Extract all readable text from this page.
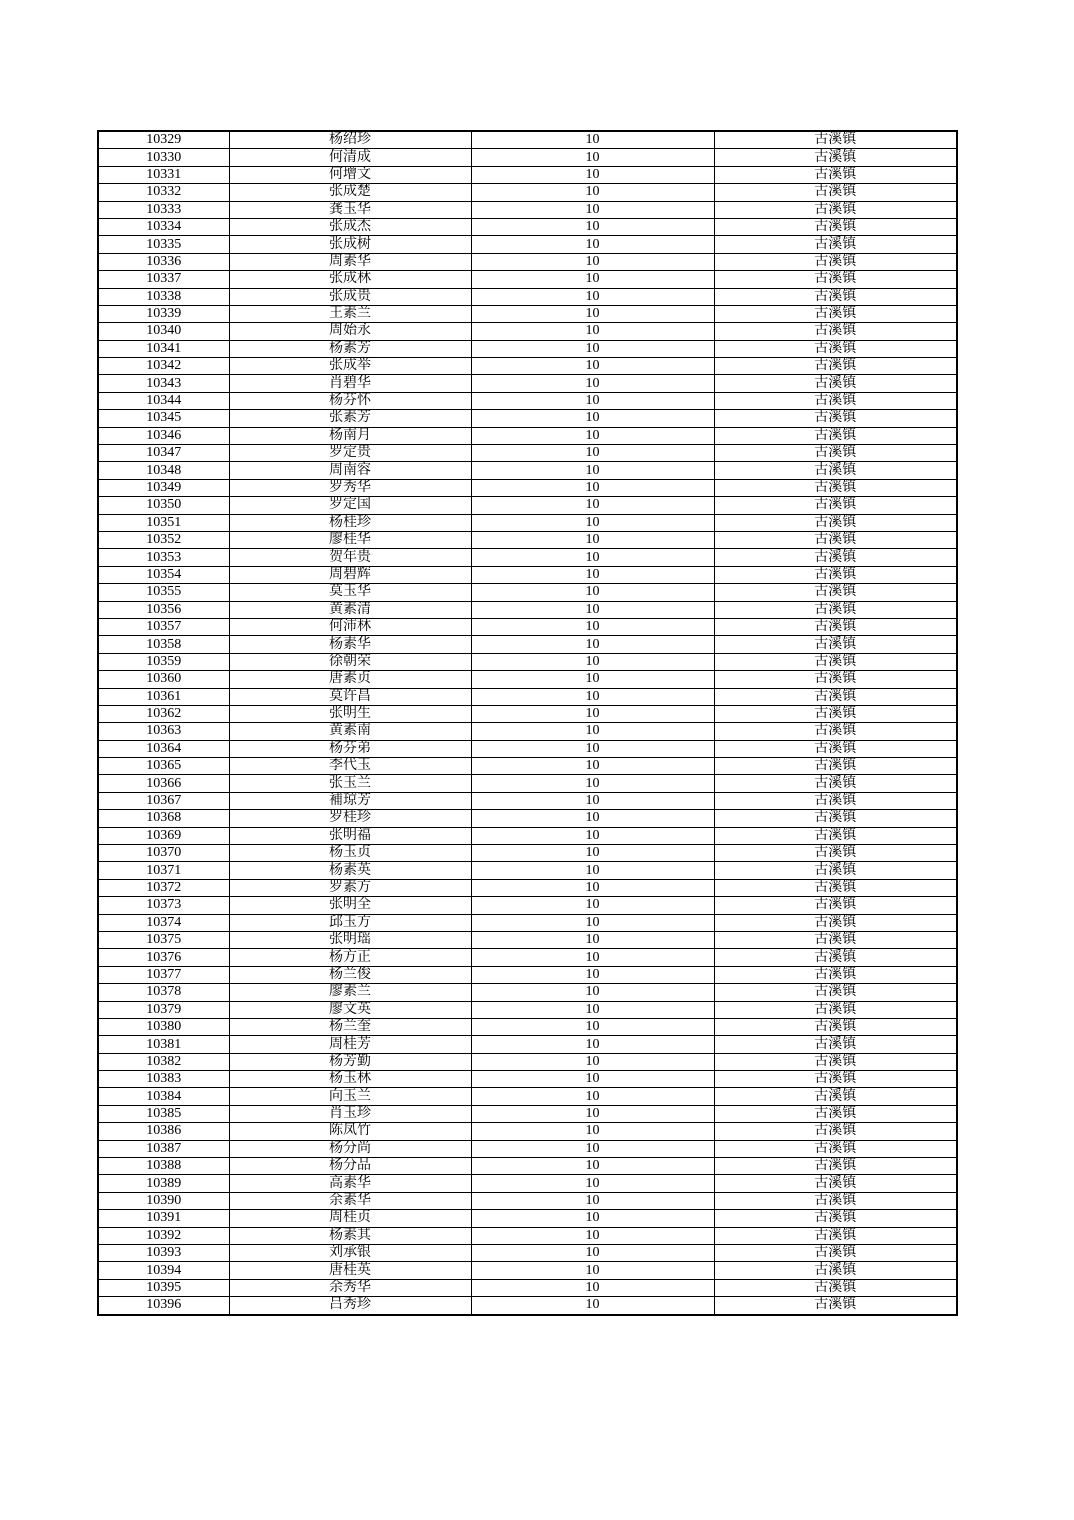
10329	杨绍珍	10	古溪镇
10330	何清成	10	古溪镇
10331	何增文	10	古溪镇
10332	张成楚	10	古溪镇
10333	龚玉华	10	古溪镇
10334	张成杰	10	古溪镇
10335	张成树	10	古溪镇
10336	周素华	10	古溪镇
10337	张成林	10	古溪镇
10338	张成贵	10	古溪镇
10339	王素兰	10	古溪镇
10340	周始永	10	古溪镇
10341	杨素芳	10	古溪镇
10342	张成举	10	古溪镇
10343	肖碧华	10	古溪镇
10344	杨芬怀	10	古溪镇
10345	张素芳	10	古溪镇
10346	杨南月	10	古溪镇
10347	罗定贵	10	古溪镇
10348	周南容	10	古溪镇
10349	罗秀华	10	古溪镇
10350	罗定国	10	古溪镇
10351	杨桂珍	10	古溪镇
10352	廖桂华	10	古溪镇
10353	贺年贵	10	古溪镇
10354	周碧辉	10	古溪镇
10355	莫玉华	10	古溪镇
10356	黄素清	10	古溪镇
10357	何沛林	10	古溪镇
10358	杨素华	10	古溪镇
10359	徐朝荣	10	古溪镇
10360	唐素贞	10	古溪镇
10361	莫许昌	10	古溪镇
10362	张明生	10	古溪镇
10363	黄素南	10	古溪镇
10364	杨芬弟	10	古溪镇
10365	李代玉	10	古溪镇
10366	张玉兰	10	古溪镇
10367	補琼芳	10	古溪镇
10368	罗桂珍	10	古溪镇
10369	张明福	10	古溪镇
10370	杨玉贞	10	古溪镇
10371	杨素英	10	古溪镇
10372	罗素方	10	古溪镇
10373	张明全	10	古溪镇
10374	邱玉方	10	古溪镇
10375	张明瑶	10	古溪镇
10376	杨方正	10	古溪镇
10377	杨兰俊	10	古溪镇
10378	廖素兰	10	古溪镇
10379	廖文英	10	古溪镇
10380	杨兰奎	10	古溪镇
10381	周桂芳	10	古溪镇
10382	杨芳勤	10	古溪镇
10383	杨玉林	10	古溪镇
10384	向玉兰	10	古溪镇
10385	肖玉珍	10	古溪镇
10386	陈凤竹	10	古溪镇
10387	杨分尚	10	古溪镇
10388	杨分品	10	古溪镇
10389	高素华	10	古溪镇
10390	余素华	10	古溪镇
10391	周桂贞	10	古溪镇
10392	杨素其	10	古溪镇
10393	刘承银	10	古溪镇
10394	唐桂英	10	古溪镇
10395	余秀华	10	古溪镇
10396	吕秀珍	10	古溪镇
